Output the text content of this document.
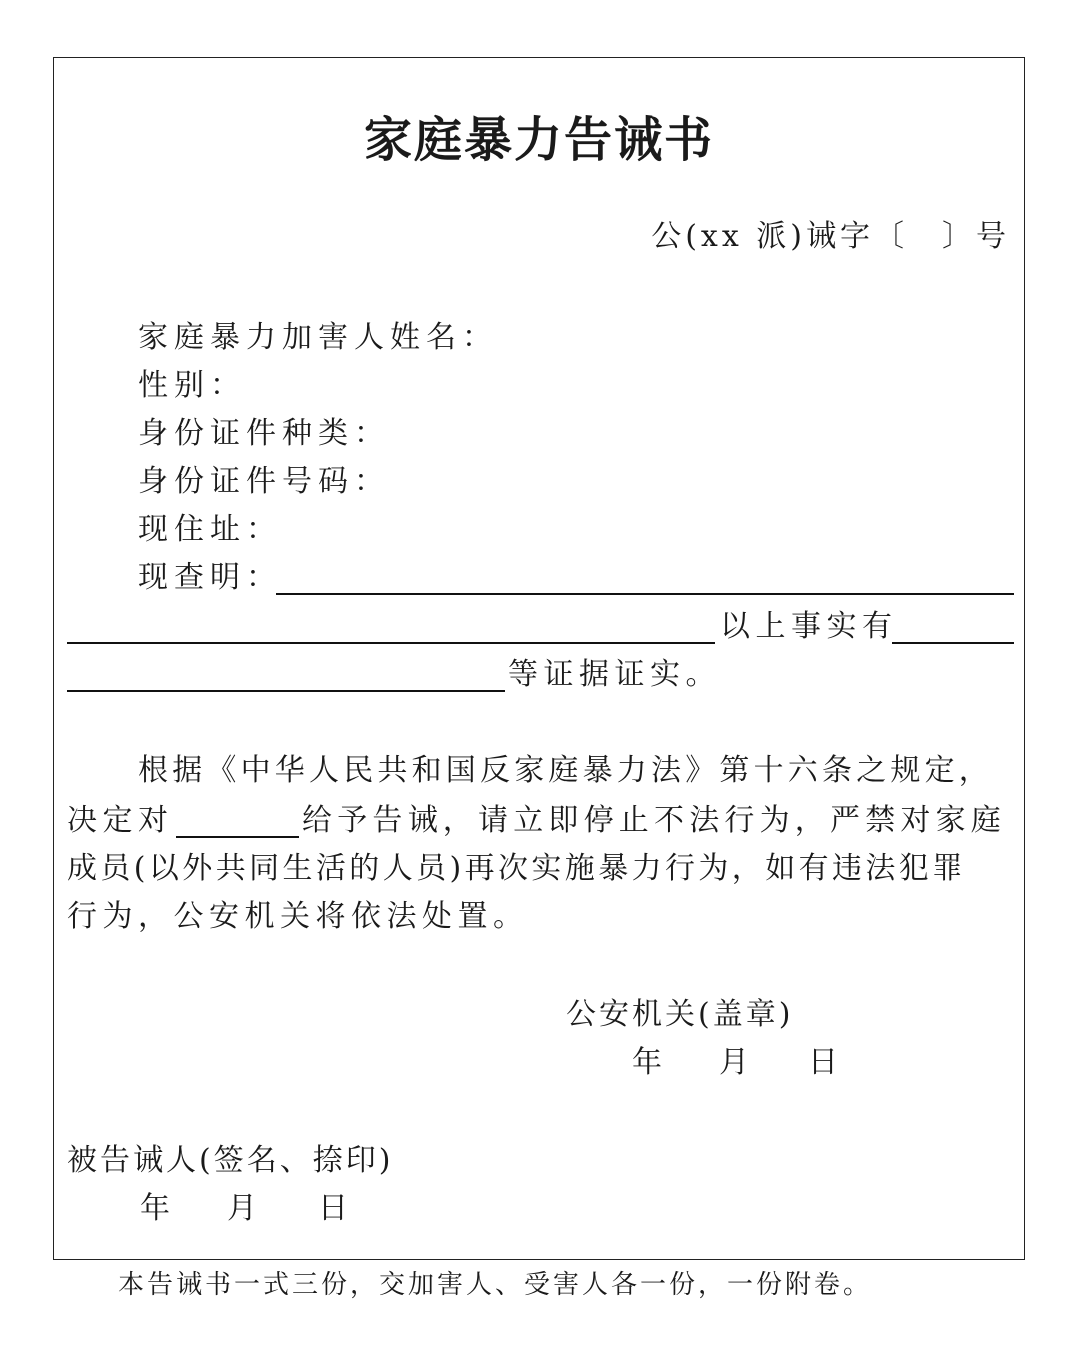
家庭暴力告诫书
公(xx 派)诫字〔　〕号
家庭暴力加害人姓名：
性别：
身份证件种类：
身份证件号码：
现住址：
现查明：
以上事实有
等证据证实。
根据《中华人民共和国反家庭暴力法》第十六条之规定，
决定对	给予告诫，请立即停止不法行为，严禁对家庭
成员(以外共同生活的人员)再次实施暴力行为，如有违法犯罪
行为，公安机关将依法处置。
公安机关(盖章)
年 月 日
被告诫人(签名、捺印)
年 月 日
本告诫书一式三份，交加害人、受害人各一份，一份附卷。
